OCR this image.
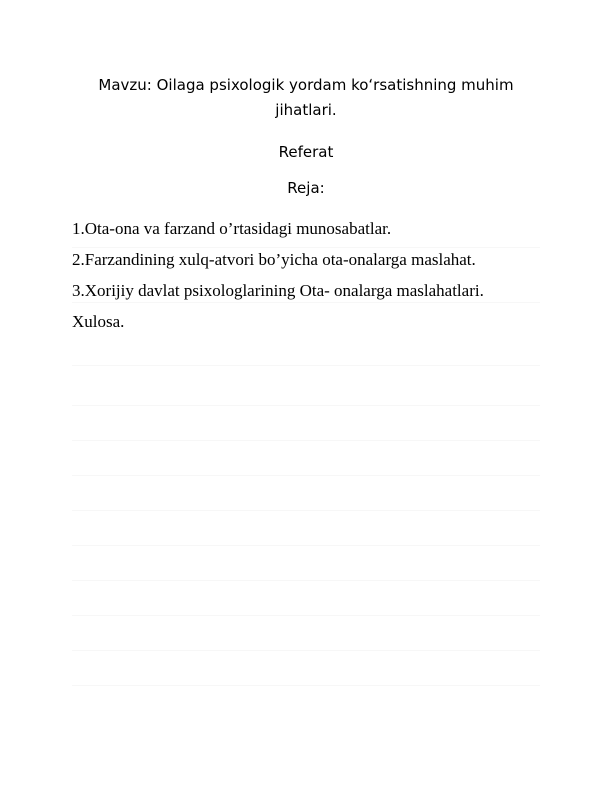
Mavzu: Oilaga psixologik yordam koʻrsatishning muhim jihatlari.
Referat
Reja:
1.Ota-ona va farzand o’rtasidagi munosabatlar.
2.Farzandining xulq-atvori bo’yicha ota-onalarga maslahat.
3.Xorijiy davlat psixologlarining Ota- onalarga maslahatlari.
Xulosa.
